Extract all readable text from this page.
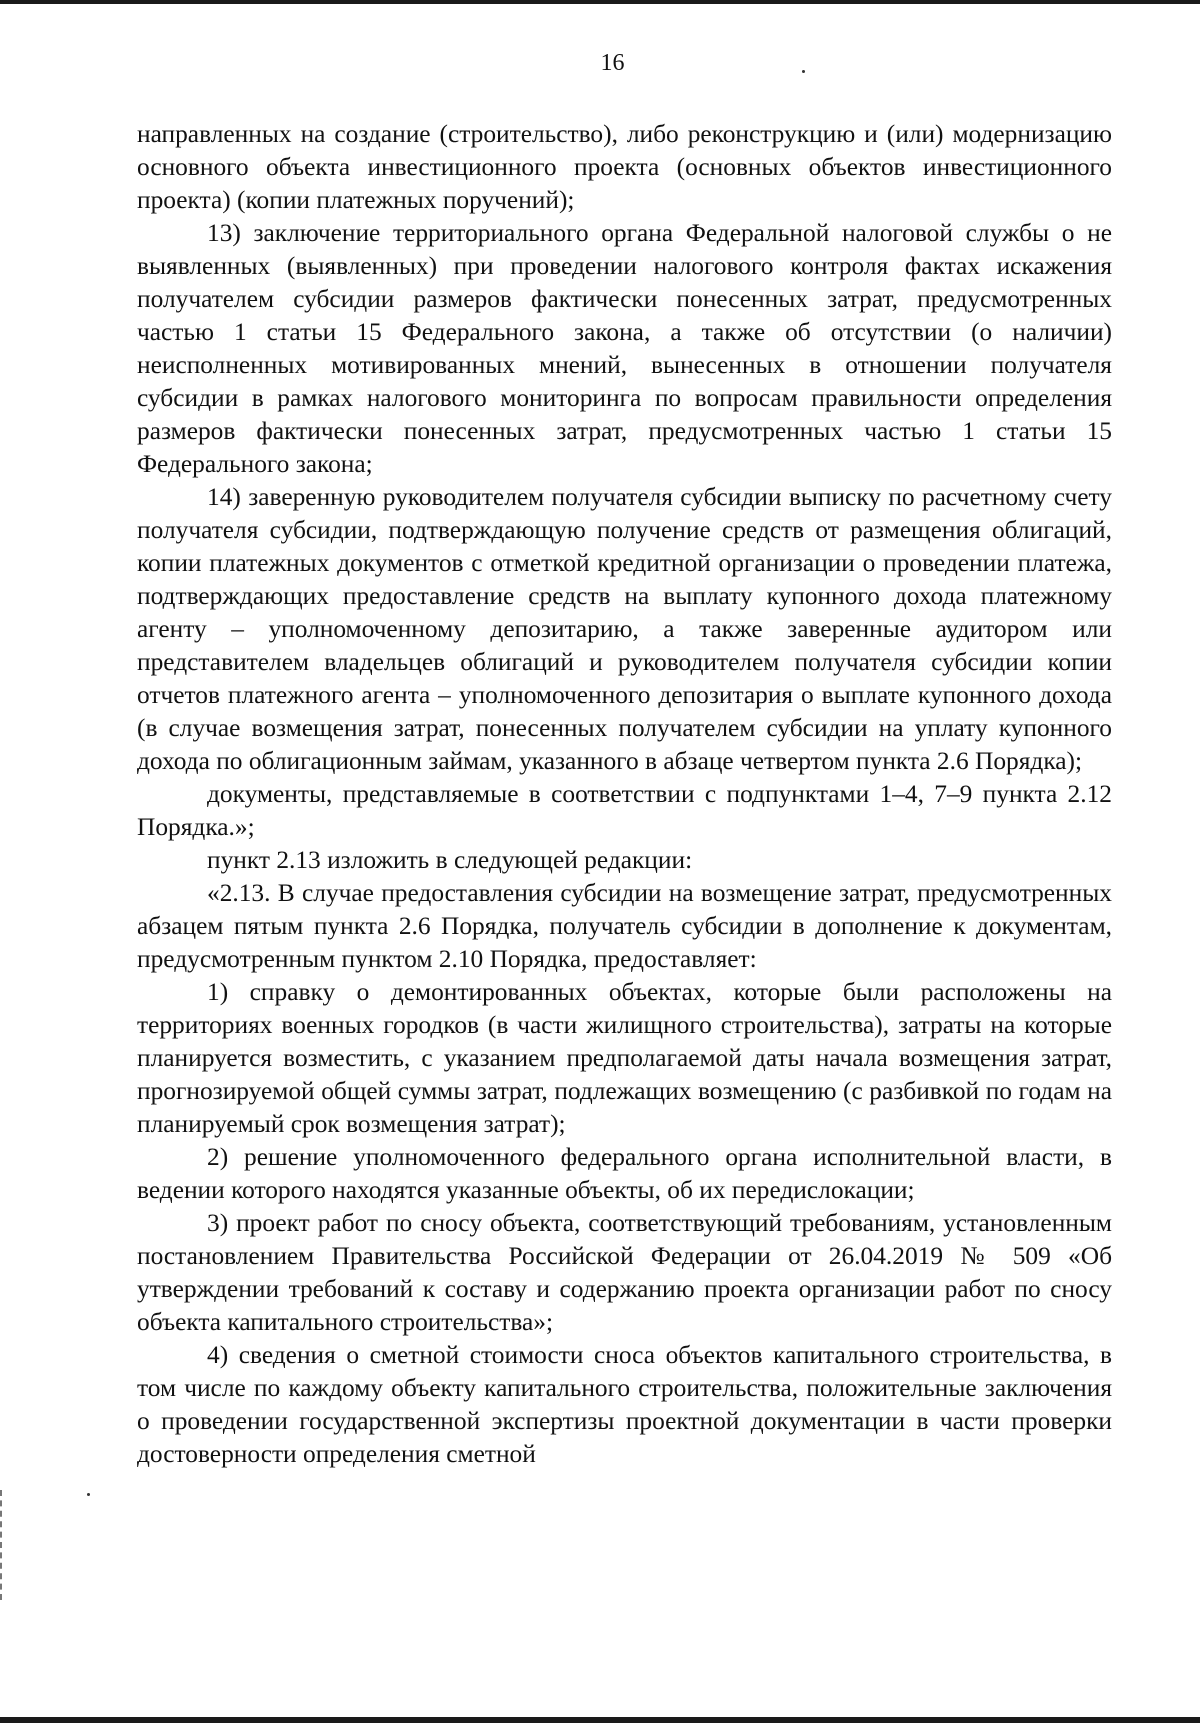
16

направленных на создание (строительство), либо реконструкцию и (или) модернизацию основного объекта инвестиционного проекта (основных объектов инвестиционного проекта) (копии платежных поручений);

13) заключение территориального органа Федеральной налоговой службы о не выявленных (выявленных) при проведении налогового контроля фактах искажения получателем субсидии размеров фактически понесенных затрат, предусмотренных частью 1 статьи 15 Федерального закона, а также об отсутствии (о наличии) неисполненных мотивированных мнений, вынесенных в отношении получателя субсидии в рамках налогового мониторинга по вопросам правильности определения размеров фактически понесенных затрат, предусмотренных частью 1 статьи 15 Федерального закона;

14) заверенную руководителем получателя субсидии выписку по расчетному счету получателя субсидии, подтверждающую получение средств от размещения облигаций, копии платежных документов с отметкой кредитной организации о проведении платежа, подтверждающих предоставление средств на выплату купонного дохода платежному агенту – уполномоченному депозитарию, а также заверенные аудитором или представителем владельцев облигаций и руководителем получателя субсидии копии отчетов платежного агента – уполномоченного депозитария о выплате купонного дохода (в случае возмещения затрат, понесенных получателем субсидии на уплату купонного дохода по облигационным займам, указанного в абзаце четвертом пункта 2.6 Порядка);

документы, представляемые в соответствии с подпунктами 1–4, 7–9 пункта 2.12 Порядка.»;

пункт 2.13 изложить в следующей редакции:

«2.13. В случае предоставления субсидии на возмещение затрат, предусмотренных абзацем пятым пункта 2.6 Порядка, получатель субсидии в дополнение к документам, предусмотренным пунктом 2.10 Порядка, предоставляет:

1) справку о демонтированных объектах, которые были расположены на территориях военных городков (в части жилищного строительства), затраты на которые планируется возместить, с указанием предполагаемой даты начала возмещения затрат, прогнозируемой общей суммы затрат, подлежащих возмещению (с разбивкой по годам на планируемый срок возмещения затрат);

2) решение уполномоченного федерального органа исполнительной власти, в ведении которого находятся указанные объекты, об их передислокации;

3) проект работ по сносу объекта, соответствующий требованиям, установленным постановлением Правительства Российской Федерации от 26.04.2019 № 509 «Об утверждении требований к составу и содержанию проекта организации работ по сносу объекта капитального строительства»;

4) сведения о сметной стоимости сноса объектов капитального строительства, в том числе по каждому объекту капитального строительства, положительные заключения о проведении государственной экспертизы проектной документации в части проверки достоверности определения сметной
